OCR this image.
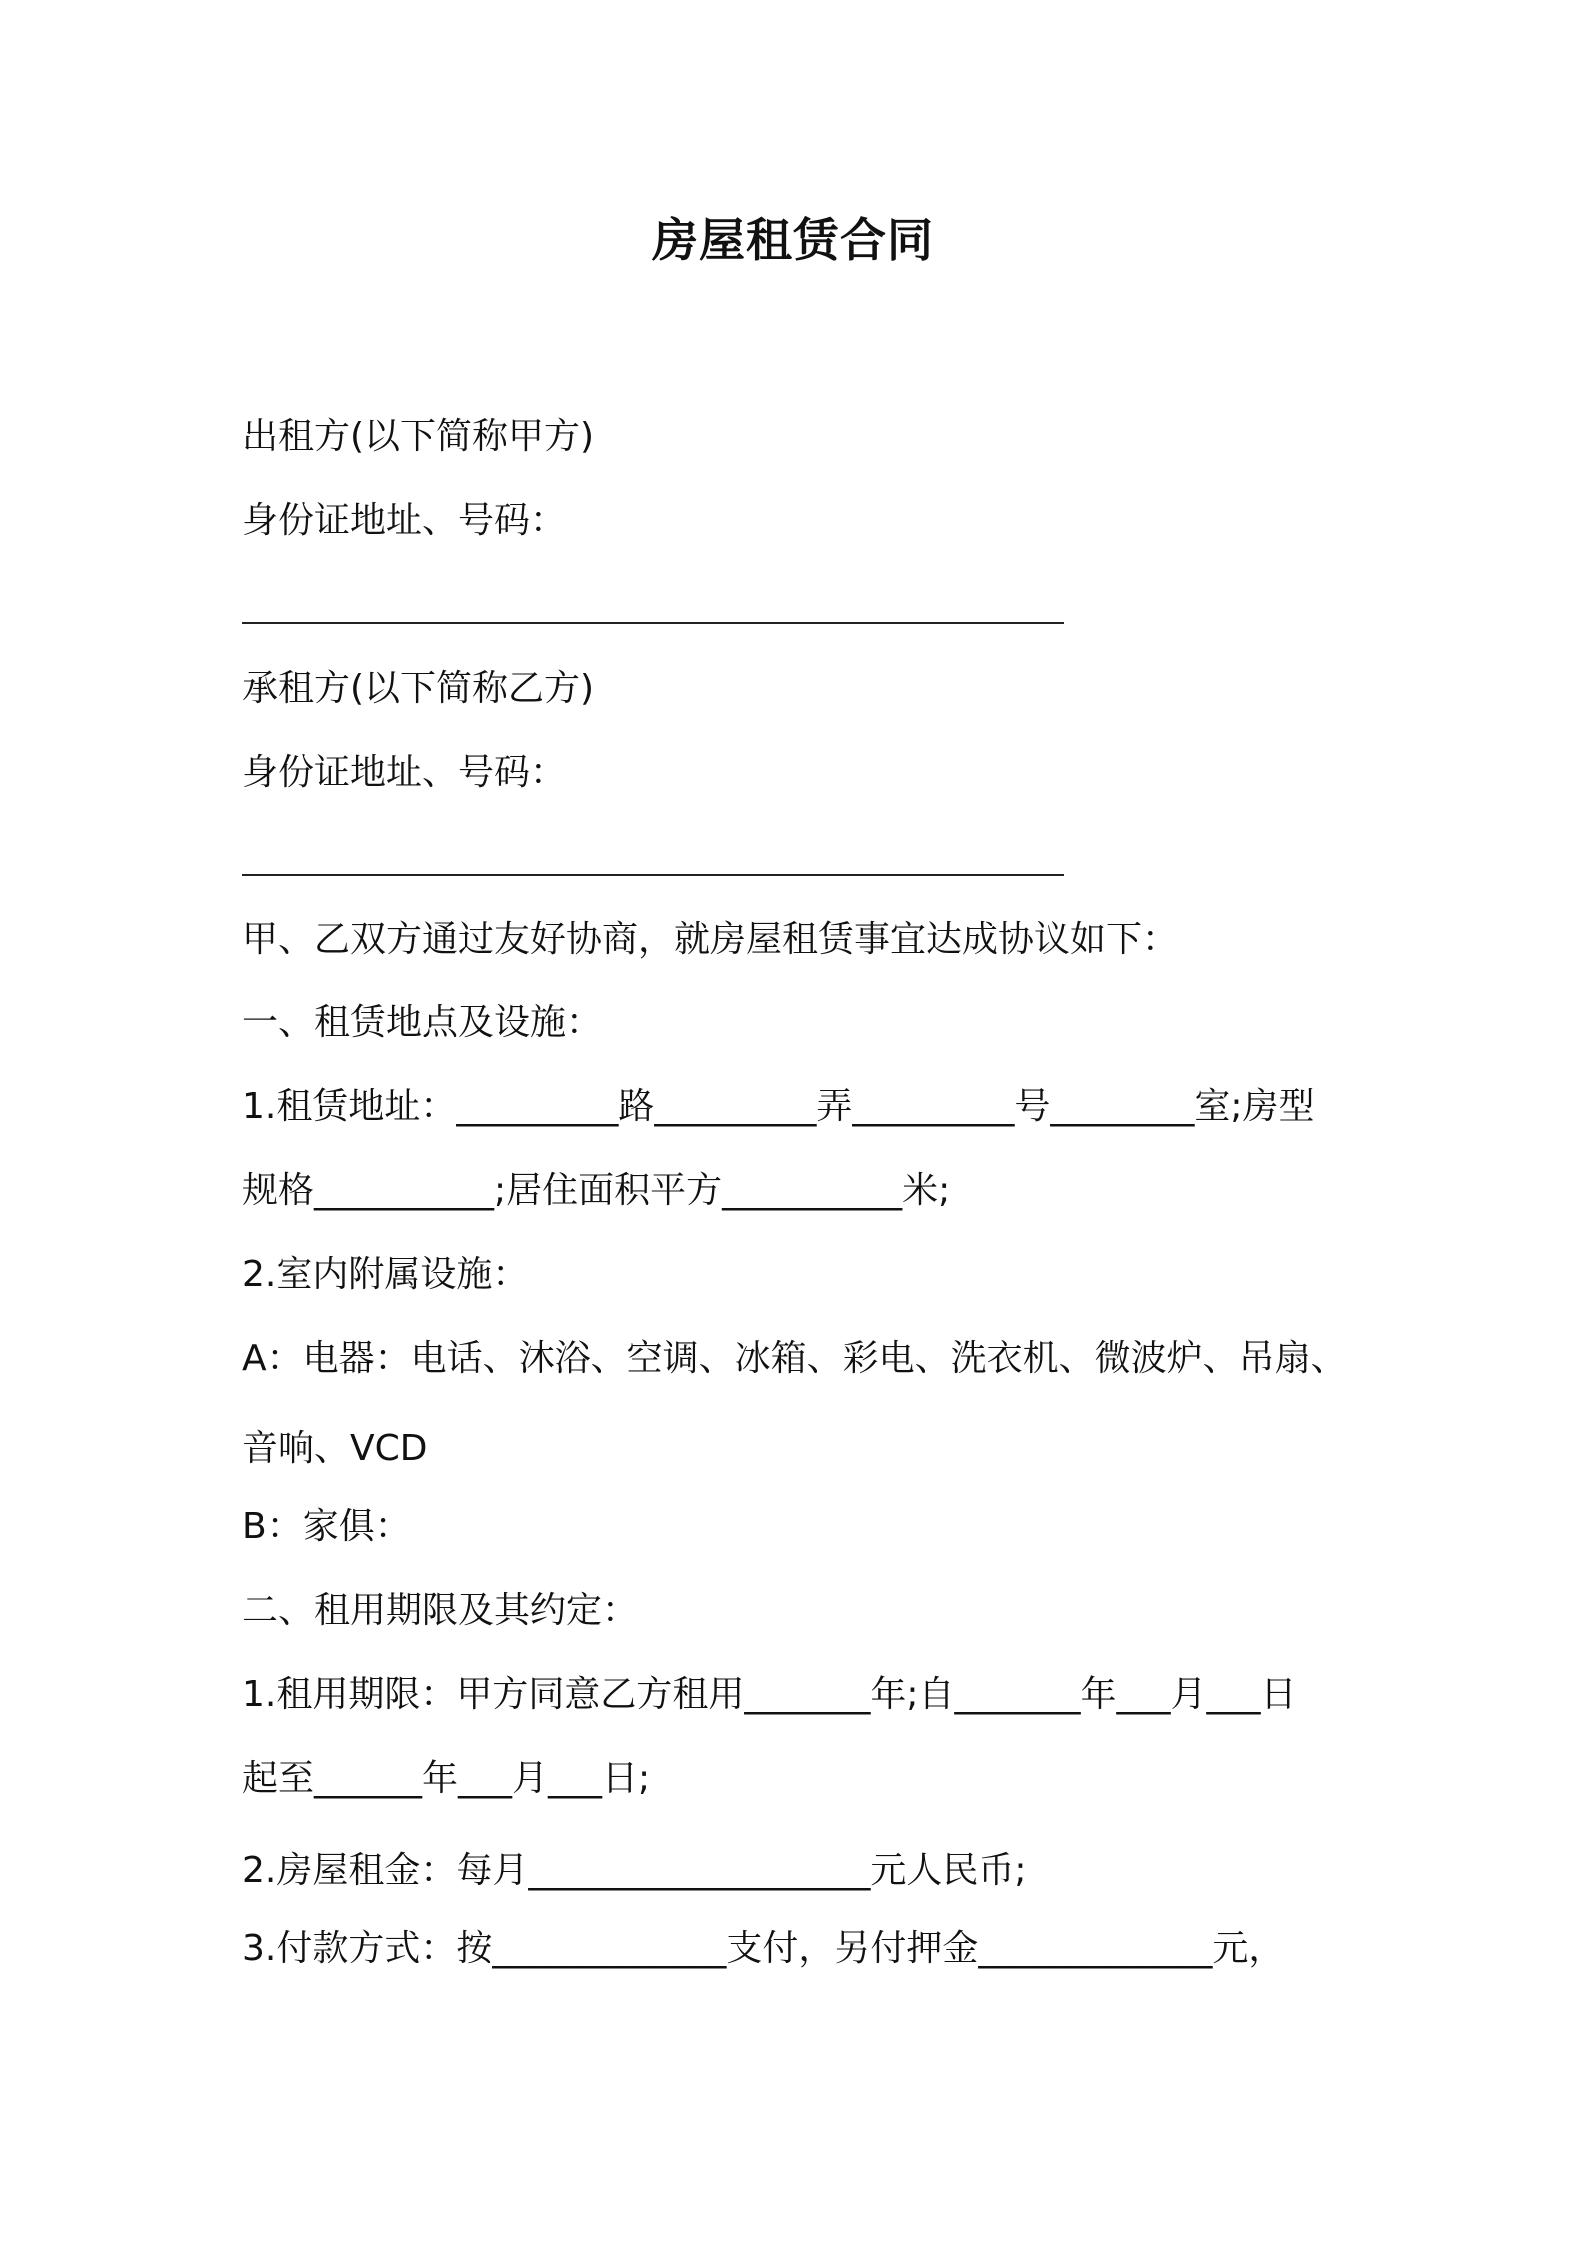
房屋租赁合同
出租方(以下简称甲方)
身份证地址、号码：
承租方(以下简称乙方)
身份证地址、号码：
甲、乙双方通过友好协商，就房屋租赁事宜达成协议如下：
一、租赁地点及设施：
1.租赁地址：_________路_________弄_________号________室;房型
规格__________;居住面积平方__________米;
2.室内附属设施：
A：电器：电话、沐浴、空调、冰箱、彩电、洗衣机、微波炉、吊扇、
音响、VCD
B：家俱：
二、租用期限及其约定：
1.租用期限：甲方同意乙方租用_______年;自_______年___月___日
起至______年___月___日;
2.房屋租金：每月___________________元人民币;
3.付款方式：按_____________支付，另付押金_____________元，
